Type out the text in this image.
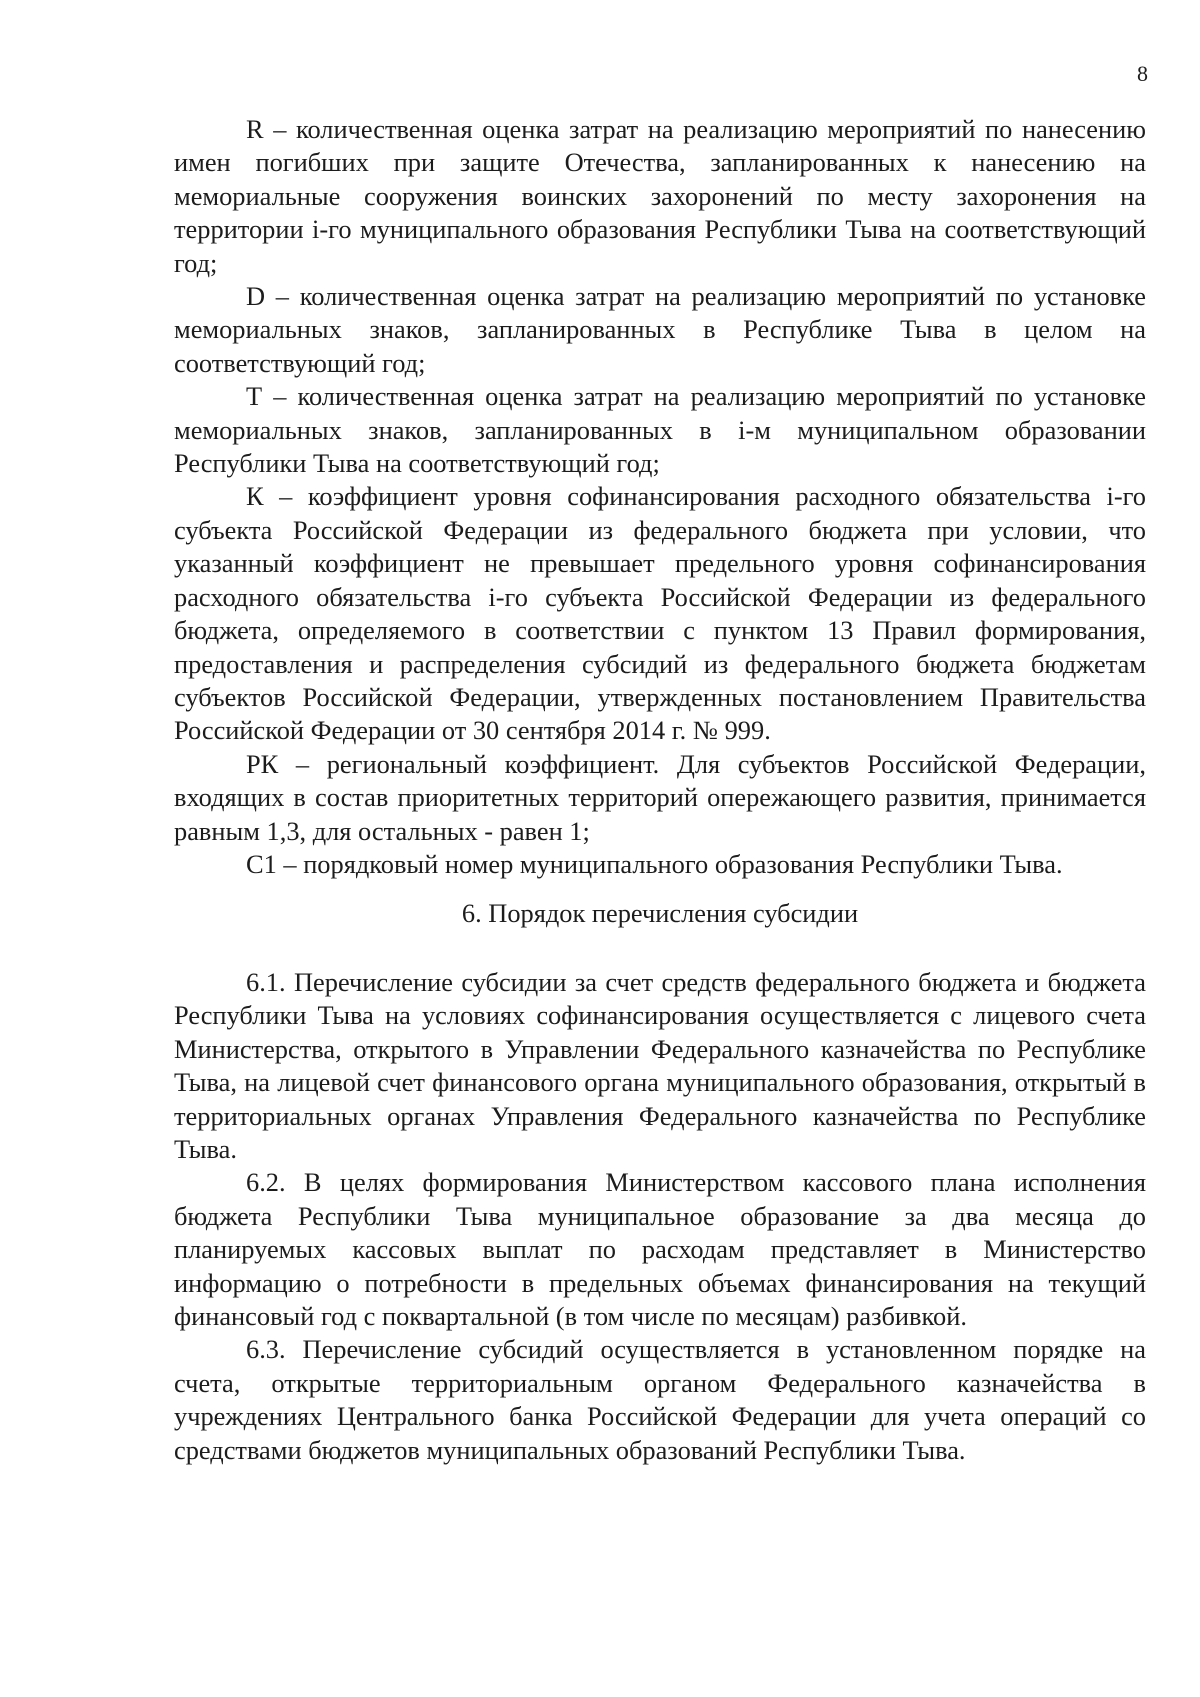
8

R – количественная оценка затрат на реализацию мероприятий по нанесению имен погибших при защите Отечества, запланированных к нанесению на мемориальные сооружения воинских захоронений по месту захоронения на территории i-го муниципального образования Республики Тыва на соответствующий год;

D – количественная оценка затрат на реализацию мероприятий по установке мемориальных знаков, запланированных в Республике Тыва в целом на соответствующий год;

Т – количественная оценка затрат на реализацию мероприятий по установке мемориальных знаков, запланированных в i-м муниципальном образовании Республики Тыва на соответствующий год;

К – коэффициент уровня софинансирования расходного обязательства i-го субъекта Российской Федерации из федерального бюджета при условии, что указанный коэффициент не превышает предельного уровня софинансирования расходного обязательства i-го субъекта Российской Федерации из федерального бюджета, определяемого в соответствии с пунктом 13 Правил формирования, предоставления и распределения субсидий из федерального бюджета бюджетам субъектов Российской Федерации, утвержденных постановлением Правительства Российской Федерации от 30 сентября 2014 г. № 999.

РК – региональный коэффициент. Для субъектов Российской Федерации, входящих в состав приоритетных территорий опережающего развития, принимается равным 1,3, для остальных - равен 1;

С1 – порядковый номер муниципального образования Республики Тыва.

6. Порядок перечисления субсидии

6.1. Перечисление субсидии за счет средств федерального бюджета и бюджета Республики Тыва на условиях софинансирования осуществляется с лицевого счета Министерства, открытого в Управлении Федерального казначейства по Республике Тыва, на лицевой счет финансового органа муниципального образования, открытый в территориальных органах Управления Федерального казначейства по Республике Тыва.

6.2. В целях формирования Министерством кассового плана исполнения бюджета Республики Тыва муниципальное образование за два месяца до планируемых кассовых выплат по расходам представляет в Министерство информацию о потребности в предельных объемах финансирования на текущий финансовый год с поквартальной (в том числе по месяцам) разбивкой.

6.3. Перечисление субсидий осуществляется в установленном порядке на счета, открытые территориальным органом Федерального казначейства в учреждениях Центрального банка Российской Федерации для учета операций со средствами бюджетов муниципальных образований Республики Тыва.
